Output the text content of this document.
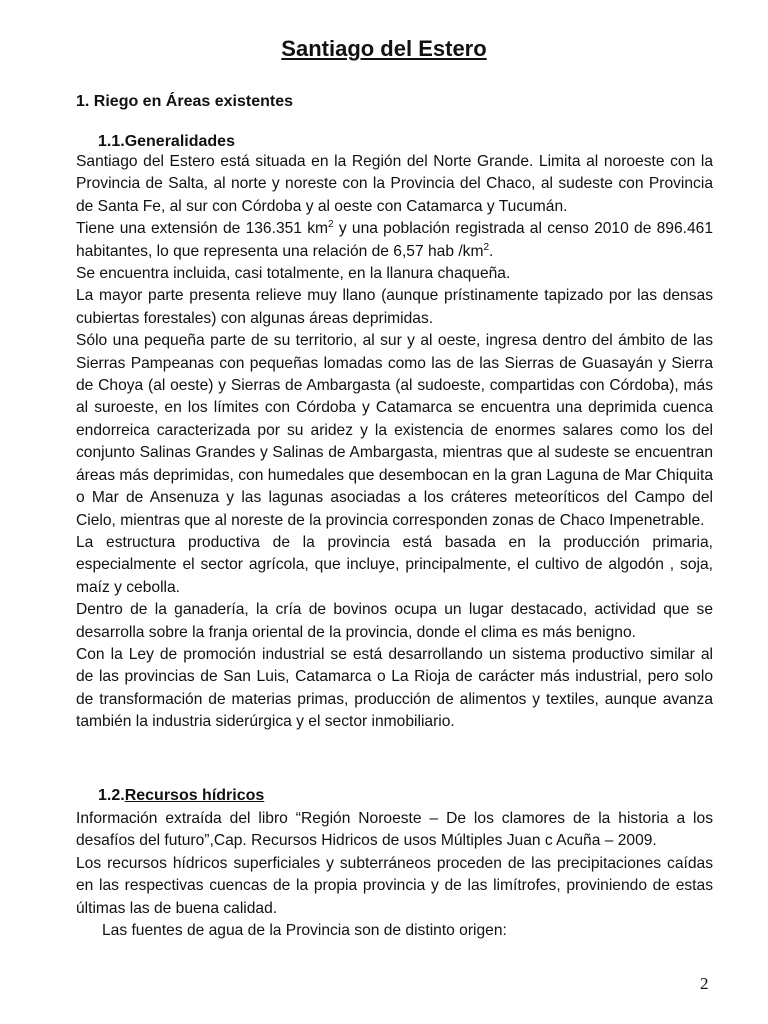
Santiago del Estero
1. Riego en Áreas existentes
1.1.Generalidades

Santiago del Estero está situada en la Región del Norte Grande. Limita al noroeste con la Provincia de Salta, al norte y noreste con la Provincia del Chaco, al sudeste con Provincia de Santa Fe, al sur con Córdoba y al oeste con Catamarca y Tucumán.

Tiene una extensión de 136.351 $km^2$ y una población registrada al censo 2010 de 896.461 habitantes, lo que representa una relación de 6,57 hab $/km^2$.

Se encuentra incluida, casi totalmente, en la llanura chaqueña.

La mayor parte presenta relieve muy llano (aunque prístinamente tapizado por las densas cubiertas forestales) con algunas áreas deprimidas.

Sólo una pequeña parte de su territorio, al sur y al oeste, ingresa dentro del ámbito de las Sierras Pampeanas con pequeñas lomadas como las de las Sierras de Guasayán y Sierra de Choya (al oeste) y Sierras de Ambargasta (al sudoeste, compartidas con Córdoba), más al suroeste, en los límites con Córdoba y Catamarca se encuentra una deprimida cuenca endorreica caracterizada por su aridez y la existencia de enormes salares como los del conjunto Salinas Grandes y Salinas de Ambargasta, mientras que al sudeste se encuentran áreas más deprimidas, con humedales que desembocan en la gran Laguna de Mar Chiquita o Mar de Ansenuza y las lagunas asociadas a los cráteres meteoríticos del Campo del Cielo, mientras que al noreste de la provincia corresponden zonas de Chaco Impenetrable.

La estructura productiva de la provincia está basada en la producción primaria, especialmente el sector agrícola, que incluye, principalmente, el cultivo de algodón , soja, maíz y cebolla.

Dentro de la ganadería, la cría de bovinos ocupa un lugar destacado, actividad que se desarrolla sobre la franja oriental de la provincia, donde el clima es más benigno.

Con la Ley de promoción industrial se está desarrollando un sistema productivo similar al de las provincias de San Luis, Catamarca o La Rioja de carácter más industrial, pero solo de transformación de materias primas, producción de alimentos y textiles, aunque avanza también la industria siderúrgica y el sector inmobiliario.

1.2.Recursos hídricos

Información extraída del libro “Región Noroeste – De los clamores de la historia a los desafíos del futuro”,Cap. Recursos Hidricos de usos Múltiples Juan c Acuña – 2009.

Los recursos hídricos superficiales y subterráneos proceden de las precipitaciones caídas en las respectivas cuencas de la propia provincia y de las limítrofes, proviniendo de estas últimas las de buena calidad.

Las fuentes de agua de la Provincia son de distinto origen:

2
